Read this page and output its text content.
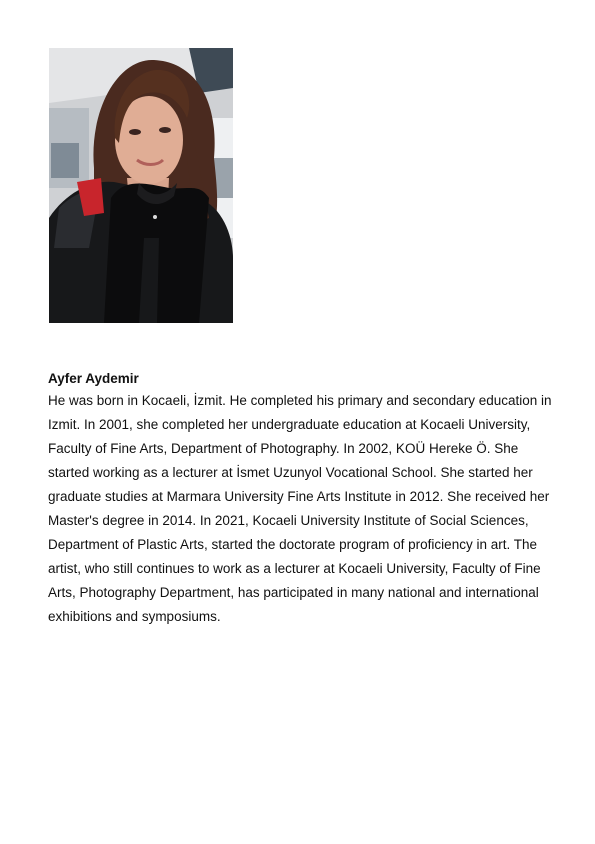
Ayfer Aydemir

He was born in Kocaeli, İzmit. He completed his primary and secondary education in Izmit. In 2001, she completed her undergraduate education at Kocaeli University, Faculty of Fine Arts, Department of Photography. In 2002, KOÜ Hereke Ö. She started working as a lecturer at İsmet Uzunyol Vocational School. She started her graduate studies at Marmara University Fine Arts Institute in 2012. She received her Master's degree in 2014. In 2021, Kocaeli University Institute of Social Sciences, Department of Plastic Arts, started the doctorate program of proficiency in art. The artist, who still continues to work as a lecturer at Kocaeli University, Faculty of Fine Arts, Photography Department, has participated in many national and international exhibitions and symposiums.
